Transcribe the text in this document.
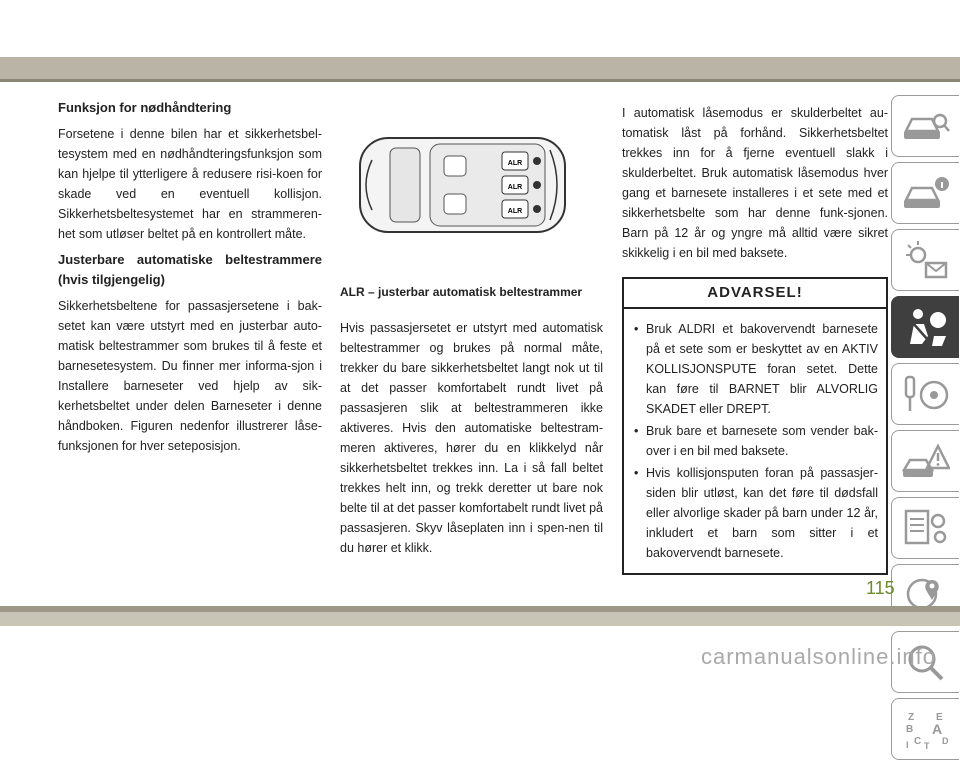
Funksjon for nødhåndtering

Forsetene i denne bilen har et sikkerhetsbel-tesystem med en nødhåndteringsfunksjon som kan hjelpe til ytterligere å redusere risi-koen for skade ved en eventuell kollisjon. Sikkerhetsbeltesystemet har en strammeren-het som utløser beltet på en kontrollert måte.

Justerbare automatiske beltestrammere (hvis tilgjengelig)

Sikkerhetsbeltene for passasjersetene i bak-setet kan være utstyrt med en justerbar auto-matisk beltestrammer som brukes til å feste et barnesetesystem. Du finner mer informa-sjon i Installere barneseter ved hjelp av sik-kerhetsbeltet under delen Barneseter i denne håndboken. Figuren nedenfor illustrerer låse-funksjonen for hver seteposisjon.

ALR
ALR
ALR
ALR – justerbar automatisk beltestrammer

Hvis passasjersetet er utstyrt med automatisk beltestrammer og brukes på normal måte, trekker du bare sikkerhetsbeltet langt nok ut til at det passer komfortabelt rundt livet på passasjeren slik at beltestrammeren ikke aktiveres. Hvis den automatiske beltestram-meren aktiveres, hører du en klikkelyd når sikkerhetsbeltet trekkes inn. La i så fall beltet trekkes helt inn, og trekk deretter ut bare nok belte til at det passer komfortabelt rundt livet på passasjeren. Skyv låseplaten inn i spen-nen til du hører et klikk.

I automatisk låsemodus er skulderbeltet au-tomatisk låst på forhånd. Sikkerhetsbeltet trekkes inn for å fjerne eventuell slakk i skulderbeltet. Bruk automatisk låsemodus hver gang et barnesete installeres i et sete med et sikkerhetsbelte som har denne funk-sjonen. Barn på 12 år og yngre må alltid være sikret skikkelig i en bil med baksete.

ADVARSEL!
• Bruk ALDRI et bakovervendt barnesete på et sete som er beskyttet av en AKTIV KOLLISJONSPUTE foran setet. Dette kan føre til BARNET blir ALVORLIG SKADET eller DREPT.
• Bruk bare et barnesete som vender bak-over i en bil med baksete.
• Hvis kollisjonsputen foran på passasjer-siden blir utløst, kan det føre til dødsfall eller alvorlige skader på barn under 12 år, inkludert et barn som sitter i et bakovervendt barnesete.
Z E
B A
C D
I T
115
carmanualsonline.info
